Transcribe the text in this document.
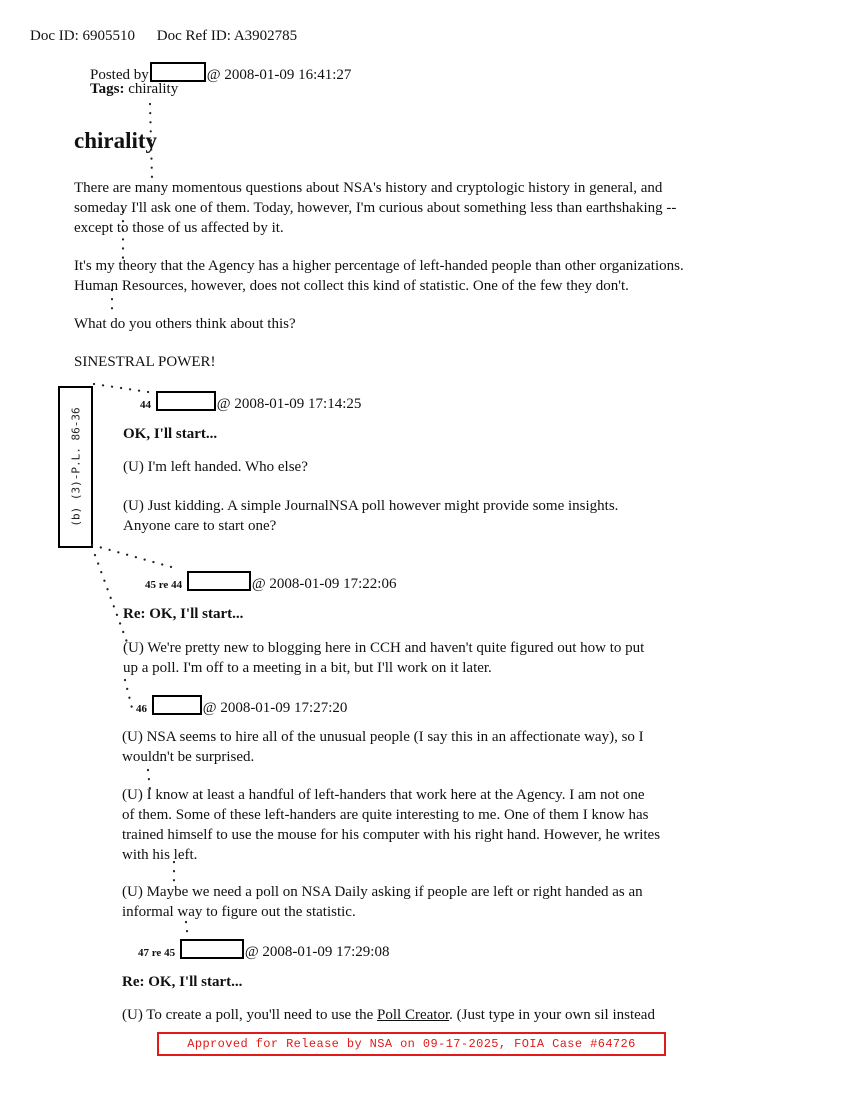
Doc ID: 6905510 Doc Ref ID: A3902785
Posted by	@ 2008-01-09 16:41:27
Tags: chirality
chirality
There are many momentous questions about NSA's history and cryptologic history in general, and
someday I'll ask one of them. Today, however, I'm curious about something less than earthshaking --
except to those of us affected by it.
It's my theory that the Agency has a higher percentage of left-handed people than other organizations.
Human Resources, however, does not collect this kind of statistic. One of the few they don't.
What do you others think about this?
SINESTRAL POWER!
(b) (3)-P.L. 86-36
44	@ 2008-01-09 17:14:25
OK, I'll start...
(U) I'm left handed. Who else?
(U) Just kidding. A simple JournalNSA poll however might provide some insights.
Anyone care to start one?
45 re 44	@ 2008-01-09 17:22:06
Re: OK, I'll start...
(U) We're pretty new to blogging here in CCH and haven't quite figured out how to put
up a poll. I'm off to a meeting in a bit, but I'll work on it later.
46	@ 2008-01-09 17:27:20
(U) NSA seems to hire all of the unusual people (I say this in an affectionate way), so I
wouldn't be surprised.
(U) I know at least a handful of left-handers that work here at the Agency. I am not one
of them. Some of these left-handers are quite interesting to me. One of them I know has
trained himself to use the mouse for his computer with his right hand. However, he writes
with his left.
(U) Maybe we need a poll on NSA Daily asking if people are left or right handed as an
informal way to figure out the statistic.
47 re 45	@ 2008-01-09 17:29:08
Re: OK, I'll start...
(U) To create a poll, you'll need to use the Poll Creator. (Just type in your own sil instead
Approved for Release by NSA on 09-17-2025, FOIA Case #64726
